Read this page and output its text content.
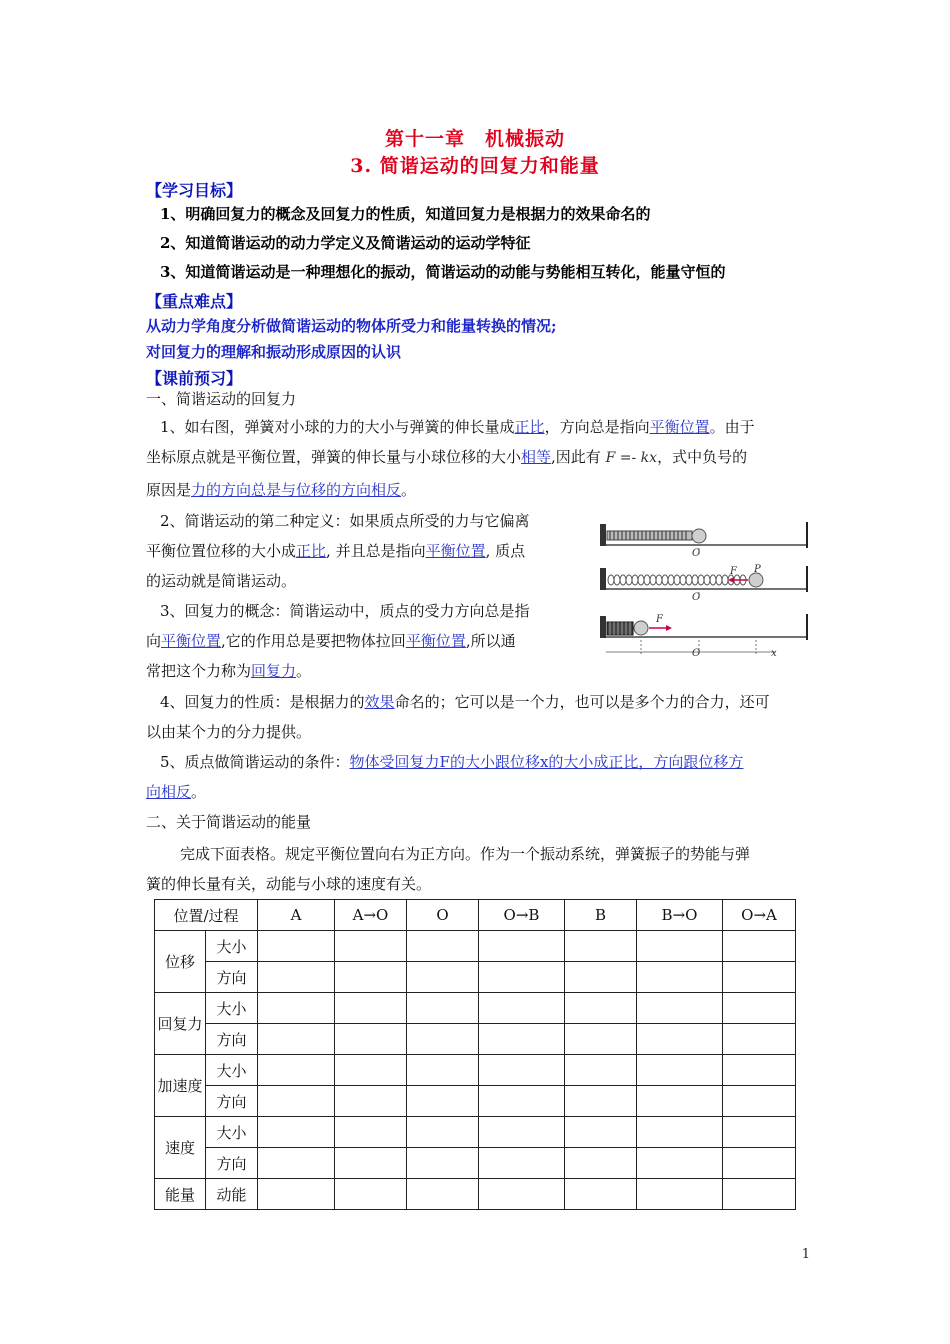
第十一章　机械振动
3. 简谐运动的回复力和能量
【学习目标】
1、明确回复力的概念及回复力的性质，知道回复力是根据力的效果命名的
2、知道简谐运动的动力学定义及简谐运动的运动学特征
3、知道简谐运动是一种理想化的振动，简谐运动的动能与势能相互转化，能量守恒的
【重点难点】
从动力学角度分析做简谐运动的物体所受力和能量转换的情况;
对回复力的理解和振动形成原因的认识
【课前预习】
一、简谐运动的回复力
1、如右图，弹簧对小球的力的大小与弹簧的伸长量成正比，方向总是指向平衡位置。由于
坐标原点就是平衡位置，弹簧的伸长量与小球位移的大小相等,因此有 F =- kx，式中负号的
原因是力的方向总是与位移的方向相反。
2、简谐运动的第二种定义：如果质点所受的力与它偏离
平衡位置位移的大小成正比, 并且总是指向平衡位置, 质点
的运动就是简谐运动。
3、回复力的概念：简谐运动中，质点的受力方向总是指
向平衡位置,它的作用总是要把物体拉回平衡位置,所以通
常把这个力称为回复力。
O
F P
O
F
O	x
4、回复力的性质：是根据力的效果命名的；它可以是一个力，也可以是多个力的合力，还可
以由某个力的分力提供。
5、质点做简谐运动的条件：物体受回复力F的大小跟位移x的大小成正比，方向跟位移方
向相反。
二、关于简谐运动的能量
完成下面表格。规定平衡位置向右为正方向。作为一个振动系统，弹簧振子的势能与弹
簧的伸长量有关，动能与小球的速度有关。
位置/过程		A	A→O	O	O→B	B	B→O	O→A
位移	大小							
	方向							
回复力	大小							
	方向							
加速度	大小							
	方向							
速度	大小							
	方向							
能量	动能							
1
